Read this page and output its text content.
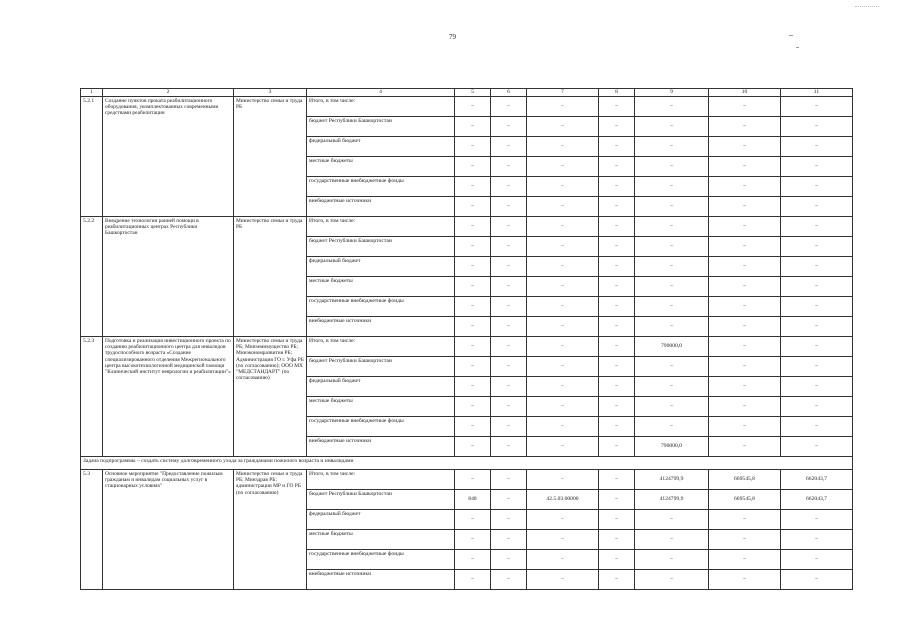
79
1	2	3	4	5	6	7	8	9	10	11
5.2.1	Создание пунктов проката реабилитационного оборудования, укомплектованных современными средствами реабилитации	Министерство семьи и труда РБ	Итого, в том числе:	–	–	–	–	–	–	–
			бюджет Республики Башкортостан	–	–	–	–	–	–	–
			федеральный бюджет	–	–	–	–	–	–	–
			местные бюджеты	–	–	–	–	–	–	–
			государственные внебюджетные фонды	–	–	–	–	–	–	–
			внебюджетные источники	–	–	–	–	–	–	–
5.2.2	Внедрение технологии ранней помощи в реабилитационных центрах Республики Башкортостан	Министерство семьи и труда РБ	Итого, в том числе:	–	–	–	–	–	–	–
			бюджет Республики Башкортостан	–	–	–	–	–	–	–
			федеральный бюджет	–	–	–	–	–	–	–
			местные бюджеты	–	–	–	–	–	–	–
			государственные внебюджетные фонды	–	–	–	–	–	–	–
			внебюджетные источники	–	–	–	–	–	–	–
5.2.3	Подготовка и реализация инвестиционного проекта по созданию реабилитационного центра для инвалидов трудоспособного возраста «Создание специализированного отделения Межрегионального центра высокотехнологичной медицинской помощи "Клинический институт неврологии и реабилитации"»	Министерство семьи и труда РБ; Минземимущество РБ; Минэкономразвития РБ; Администрация ГО г. Уфа РБ (по согласованию); ООО МХ "МЕДСТАНДАРТ" (по согласованию)	Итого, в том числе:	–	–	–	–	790000,0	–	–
			бюджет Республики Башкортостан	–	–	–	–	–	–	–
			федеральный бюджет	–	–	–	–	–	–	–
			местные бюджеты	–	–	–	–	–	–	–
			государственные внебюджетные фонды	–	–	–	–	–	–	–
			внебюджетные источники	–	–	–	–	790000,0	–	–
Задача подпрограммы – создать систему долговременного ухода за гражданами пожилого возраста и инвалидами										
5.3	Основное мероприятие "Предоставление пожилым гражданам и инвалидам социальных услуг в стационарных условиях"	Министерство семьи и труда РБ; Минздрав РБ; администрации МР и ГО РБ (по согласованию)	Итого, в том числе:	–	–	–	–	4124799,9	669545,8	662043,7
			бюджет Республики Башкортостан	848	–	42.5.03.00000	–	4124799,9	669545,8	662043,7
			федеральный бюджет	–	–	–	–	–	–	–
			местные бюджеты	–	–	–	–	–	–	–
			государственные внебюджетные фонды	–	–	–	–	–	–	–
			внебюджетные источники	–	–	–	–	–	–	–
